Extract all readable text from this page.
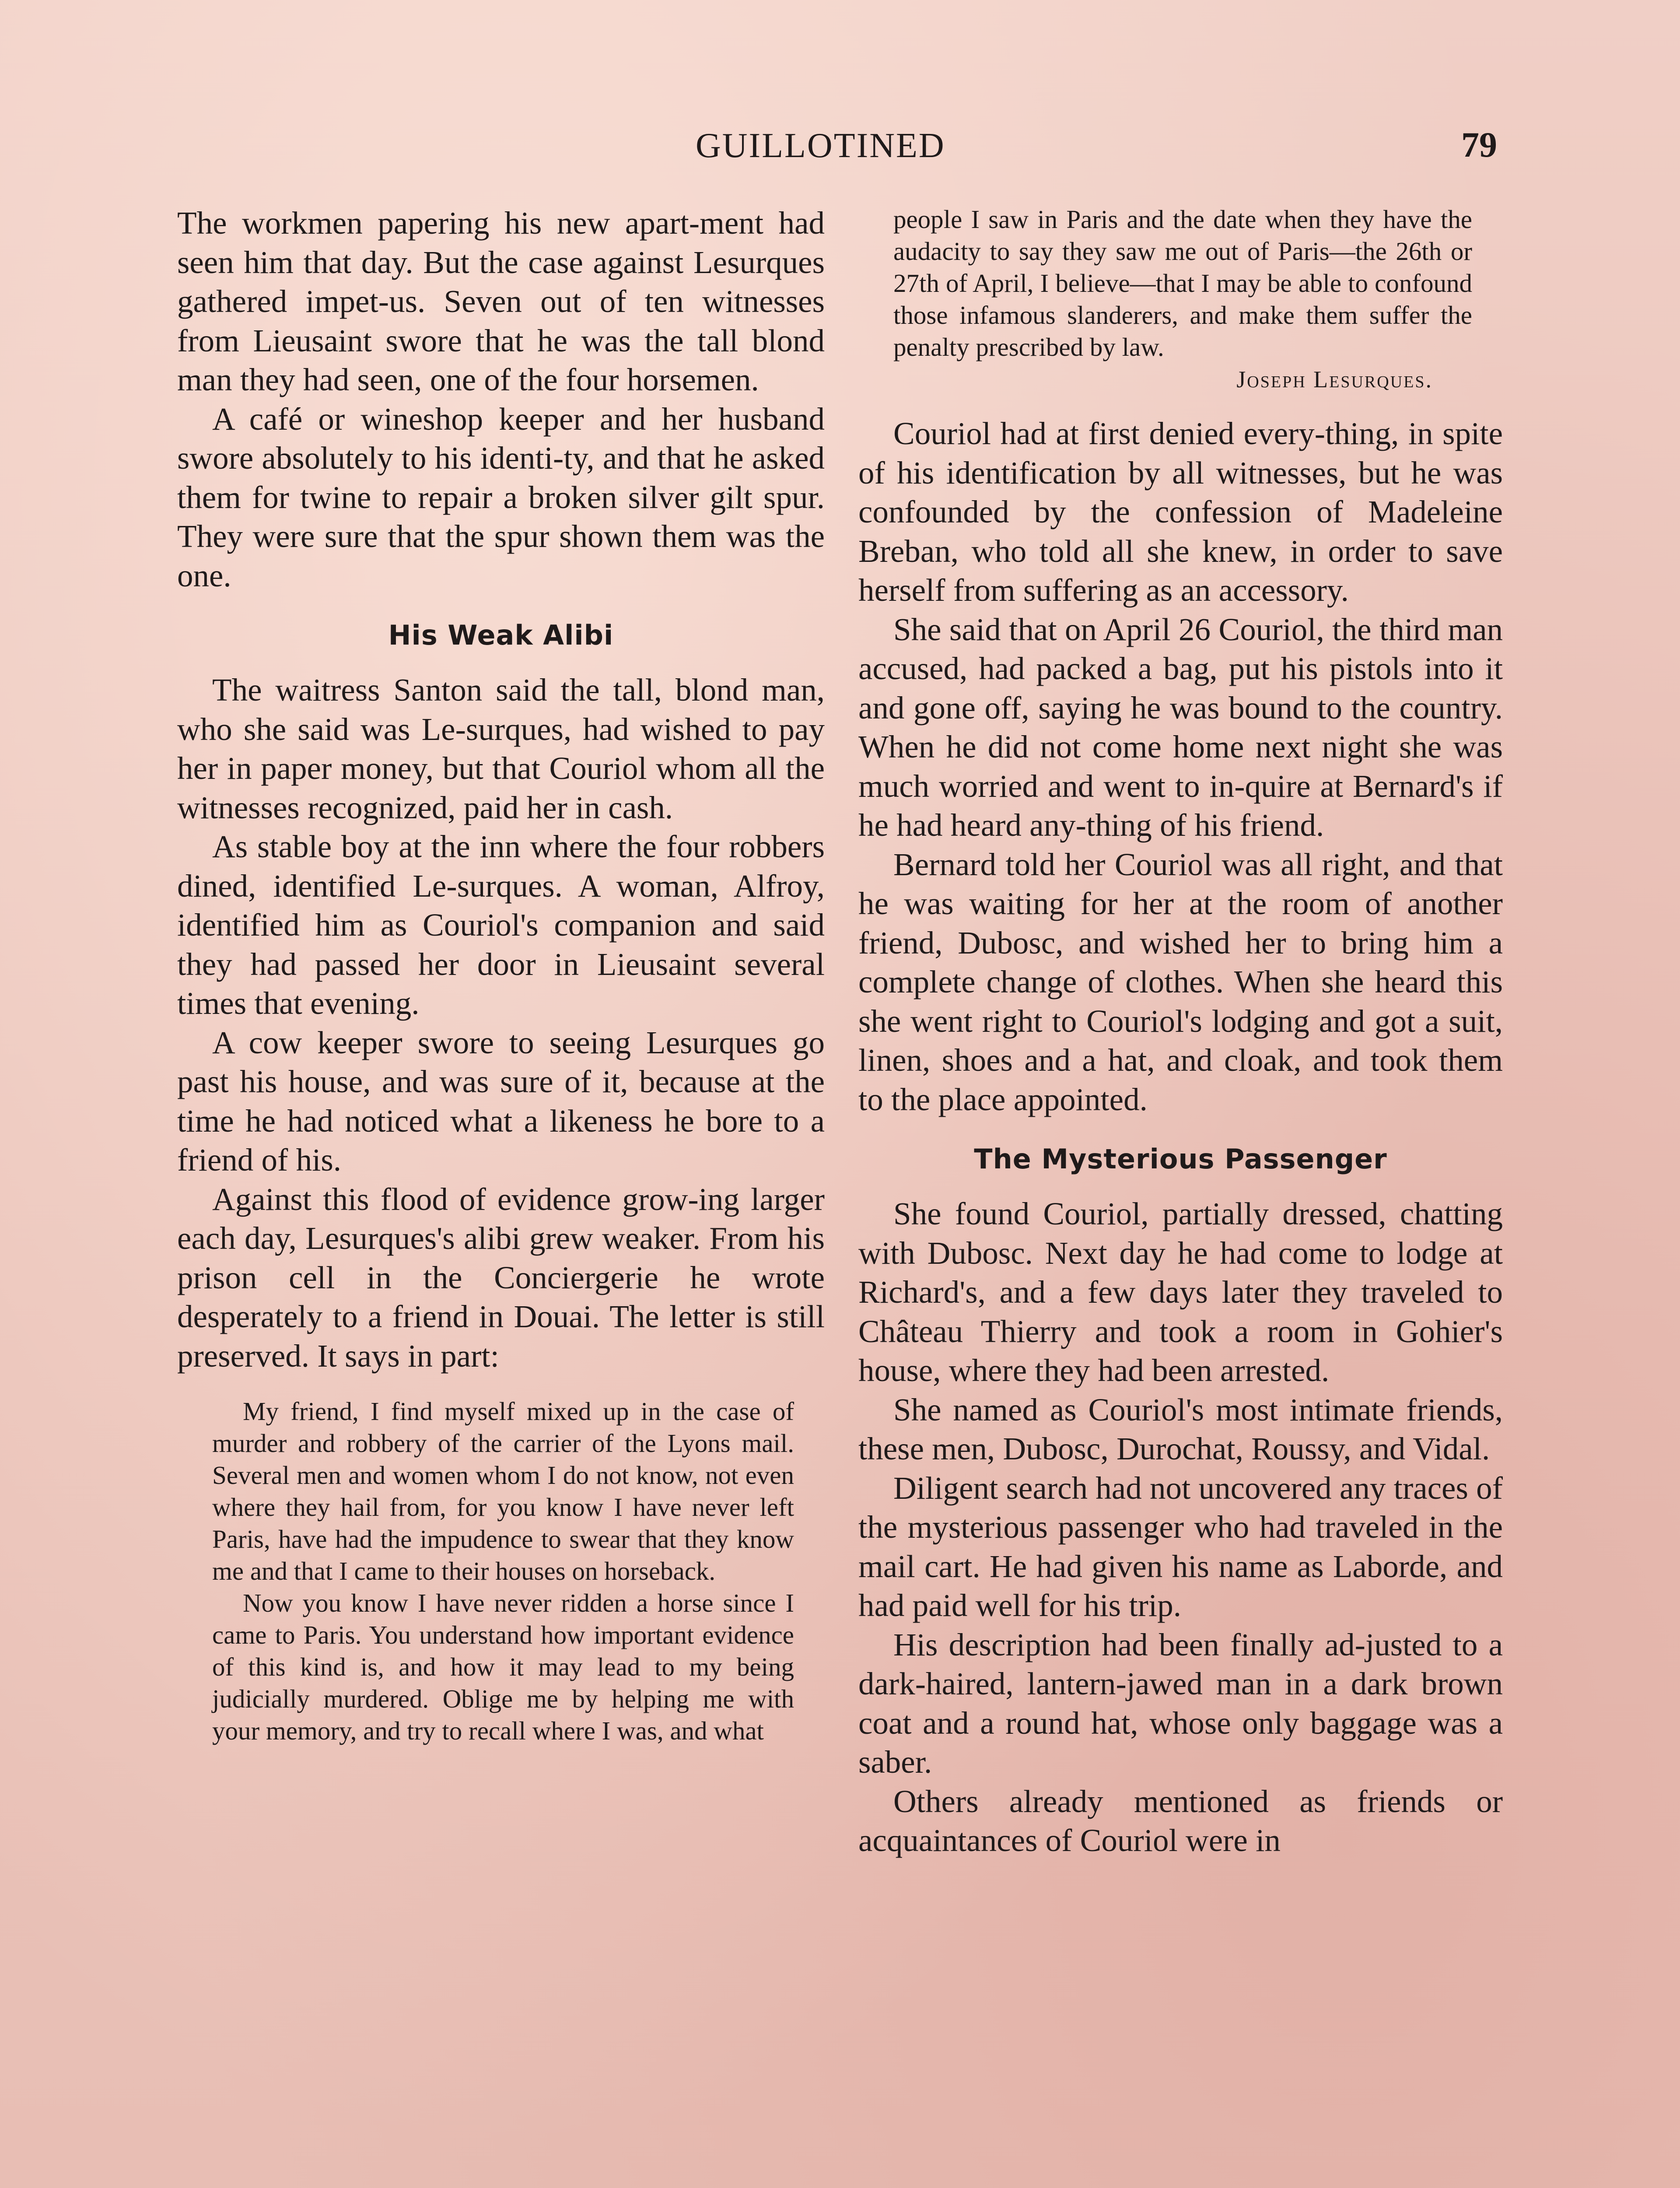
GUILLOTINED	79

The workmen papering his new apart-ment had seen him that day. But the case against Lesurques gathered impet-us. Seven out of ten witnesses from Lieusaint swore that he was the tall blond man they had seen, one of the four horsemen.

A café or wineshop keeper and her husband swore absolutely to his identi-ty, and that he asked them for twine to repair a broken silver gilt spur. They were sure that the spur shown them was the one.

His Weak Alibi

The waitress Santon said the tall, blond man, who she said was Le-surques, had wished to pay her in paper money, but that Couriol whom all the witnesses recognized, paid her in cash.

As stable boy at the inn where the four robbers dined, identified Le-surques. A woman, Alfroy, identified him as Couriol's companion and said they had passed her door in Lieusaint several times that evening.

A cow keeper swore to seeing Lesurques go past his house, and was sure of it, because at the time he had noticed what a likeness he bore to a friend of his.

Against this flood of evidence grow-ing larger each day, Lesurques's alibi grew weaker. From his prison cell in the Conciergerie he wrote desperately to a friend in Douai. The letter is still preserved. It says in part:

My friend, I find myself mixed up in the case of murder and robbery of the carrier of the Lyons mail. Several men and women whom I do not know, not even where they hail from, for you know I have never left Paris, have had the impudence to swear that they know me and that I came to their houses on horseback.

Now you know I have never ridden a horse since I came to Paris. You understand how important evidence of this kind is, and how it may lead to my being judicially murdered. Oblige me by helping me with your memory, and try to recall where I was, and what

people I saw in Paris and the date when they have the audacity to say they saw me out of Paris—the 26th or 27th of April, I believe—that I may be able to confound those infamous slanderers, and make them suffer the penalty prescribed by law.

Joseph Lesurques.

Couriol had at first denied every-thing, in spite of his identification by all witnesses, but he was confounded by the confession of Madeleine Breban, who told all she knew, in order to save herself from suffering as an accessory.

She said that on April 26 Couriol, the third man accused, had packed a bag, put his pistols into it and gone off, saying he was bound to the country. When he did not come home next night she was much worried and went to in-quire at Bernard's if he had heard any-thing of his friend.

Bernard told her Couriol was all right, and that he was waiting for her at the room of another friend, Dubosc, and wished her to bring him a complete change of clothes. When she heard this she went right to Couriol's lodging and got a suit, linen, shoes and a hat, and cloak, and took them to the place appointed.

The Mysterious Passenger

She found Couriol, partially dressed, chatting with Dubosc. Next day he had come to lodge at Richard's, and a few days later they traveled to Château Thierry and took a room in Gohier's house, where they had been arrested.

She named as Couriol's most intimate friends, these men, Dubosc, Durochat, Roussy, and Vidal.

Diligent search had not uncovered any traces of the mysterious passenger who had traveled in the mail cart. He had given his name as Laborde, and had paid well for his trip.

His description had been finally ad-justed to a dark-haired, lantern-jawed man in a dark brown coat and a round hat, whose only baggage was a saber.

Others already mentioned as friends or acquaintances of Couriol were in
